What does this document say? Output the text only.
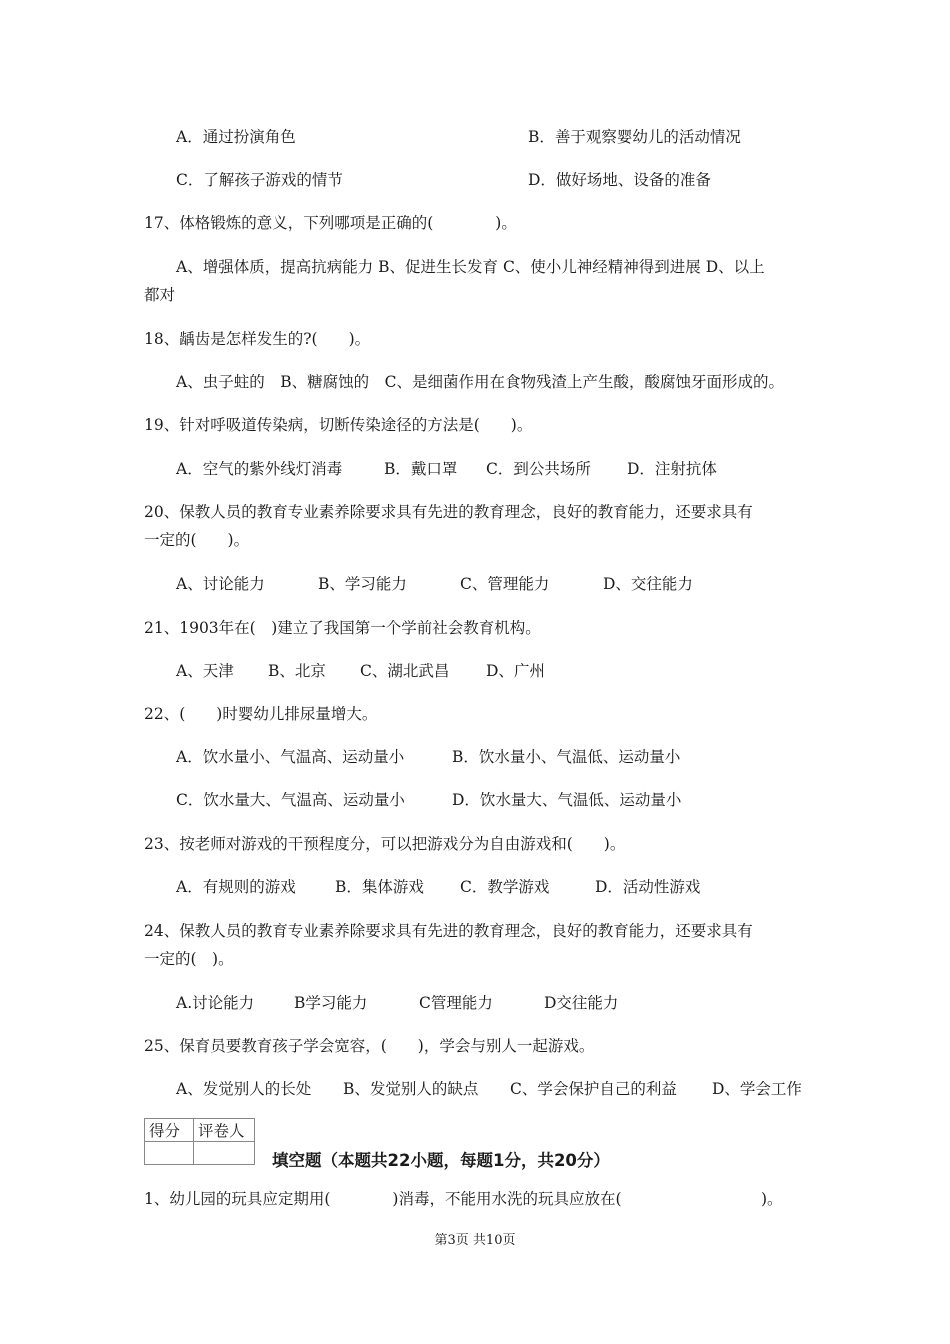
A．通过扮演角色	B．善于观察婴幼儿的活动情况
C．了解孩子游戏的情节	D．做好场地、设备的准备
17、体格锻炼的意义，下列哪项是正确的(　　　　)。
A、增强体质，提高抗病能力 B、促进生长发育 C、使小儿神经精神得到进展 D、以上
都对
18、龋齿是怎样发生的?(　　)。
A、虫子蛀的　B、糖腐蚀的　C、是细菌作用在食物残渣上产生酸，酸腐蚀牙面形成的。
19、针对呼吸道传染病，切断传染途径的方法是(　　)。
A．空气的紫外线灯消毒	B．戴口罩 C．到公共场所 D．注射抗体
20、保教人员的教育专业素养除要求具有先进的教育理念，良好的教育能力，还要求具有
一定的(　　)。
A、讨论能力	B、学习能力	C、管理能力	D、交往能力
21、1903年在(　)建立了我国第一个学前社会教育机构。
A、天津 B、北京 C、湖北武昌 D、广州
22、(　　)时婴幼儿排尿量增大。
A．饮水量小、气温高、运动量小	B．饮水量小、气温低、运动量小
C．饮水量大、气温高、运动量小	D．饮水量大、气温低、运动量小
23、按老师对游戏的干预程度分，可以把游戏分为自由游戏和(　　)。
A．有规则的游戏	B．集体游戏 C．教学游戏	D．活动性游戏
24、保教人员的教育专业素养除要求具有先进的教育理念，良好的教育能力，还要求具有
一定的(　)。
A.讨论能力	B学习能力	C管理能力	D交往能力
25、保育员要教育孩子学会宽容，(　　)，学会与别人一起游戏。
A、发觉别人的长处 B、发觉别人的缺点 C、学会保护自己的利益 D、学会工作
得分	评卷人

填空题（本题共22小题，每题1分，共20分）
1、幼儿园的玩具应定期用(　　　　)消毒，不能用水洗的玩具应放在(　　　　　　　　　)。
第3页 共10页
